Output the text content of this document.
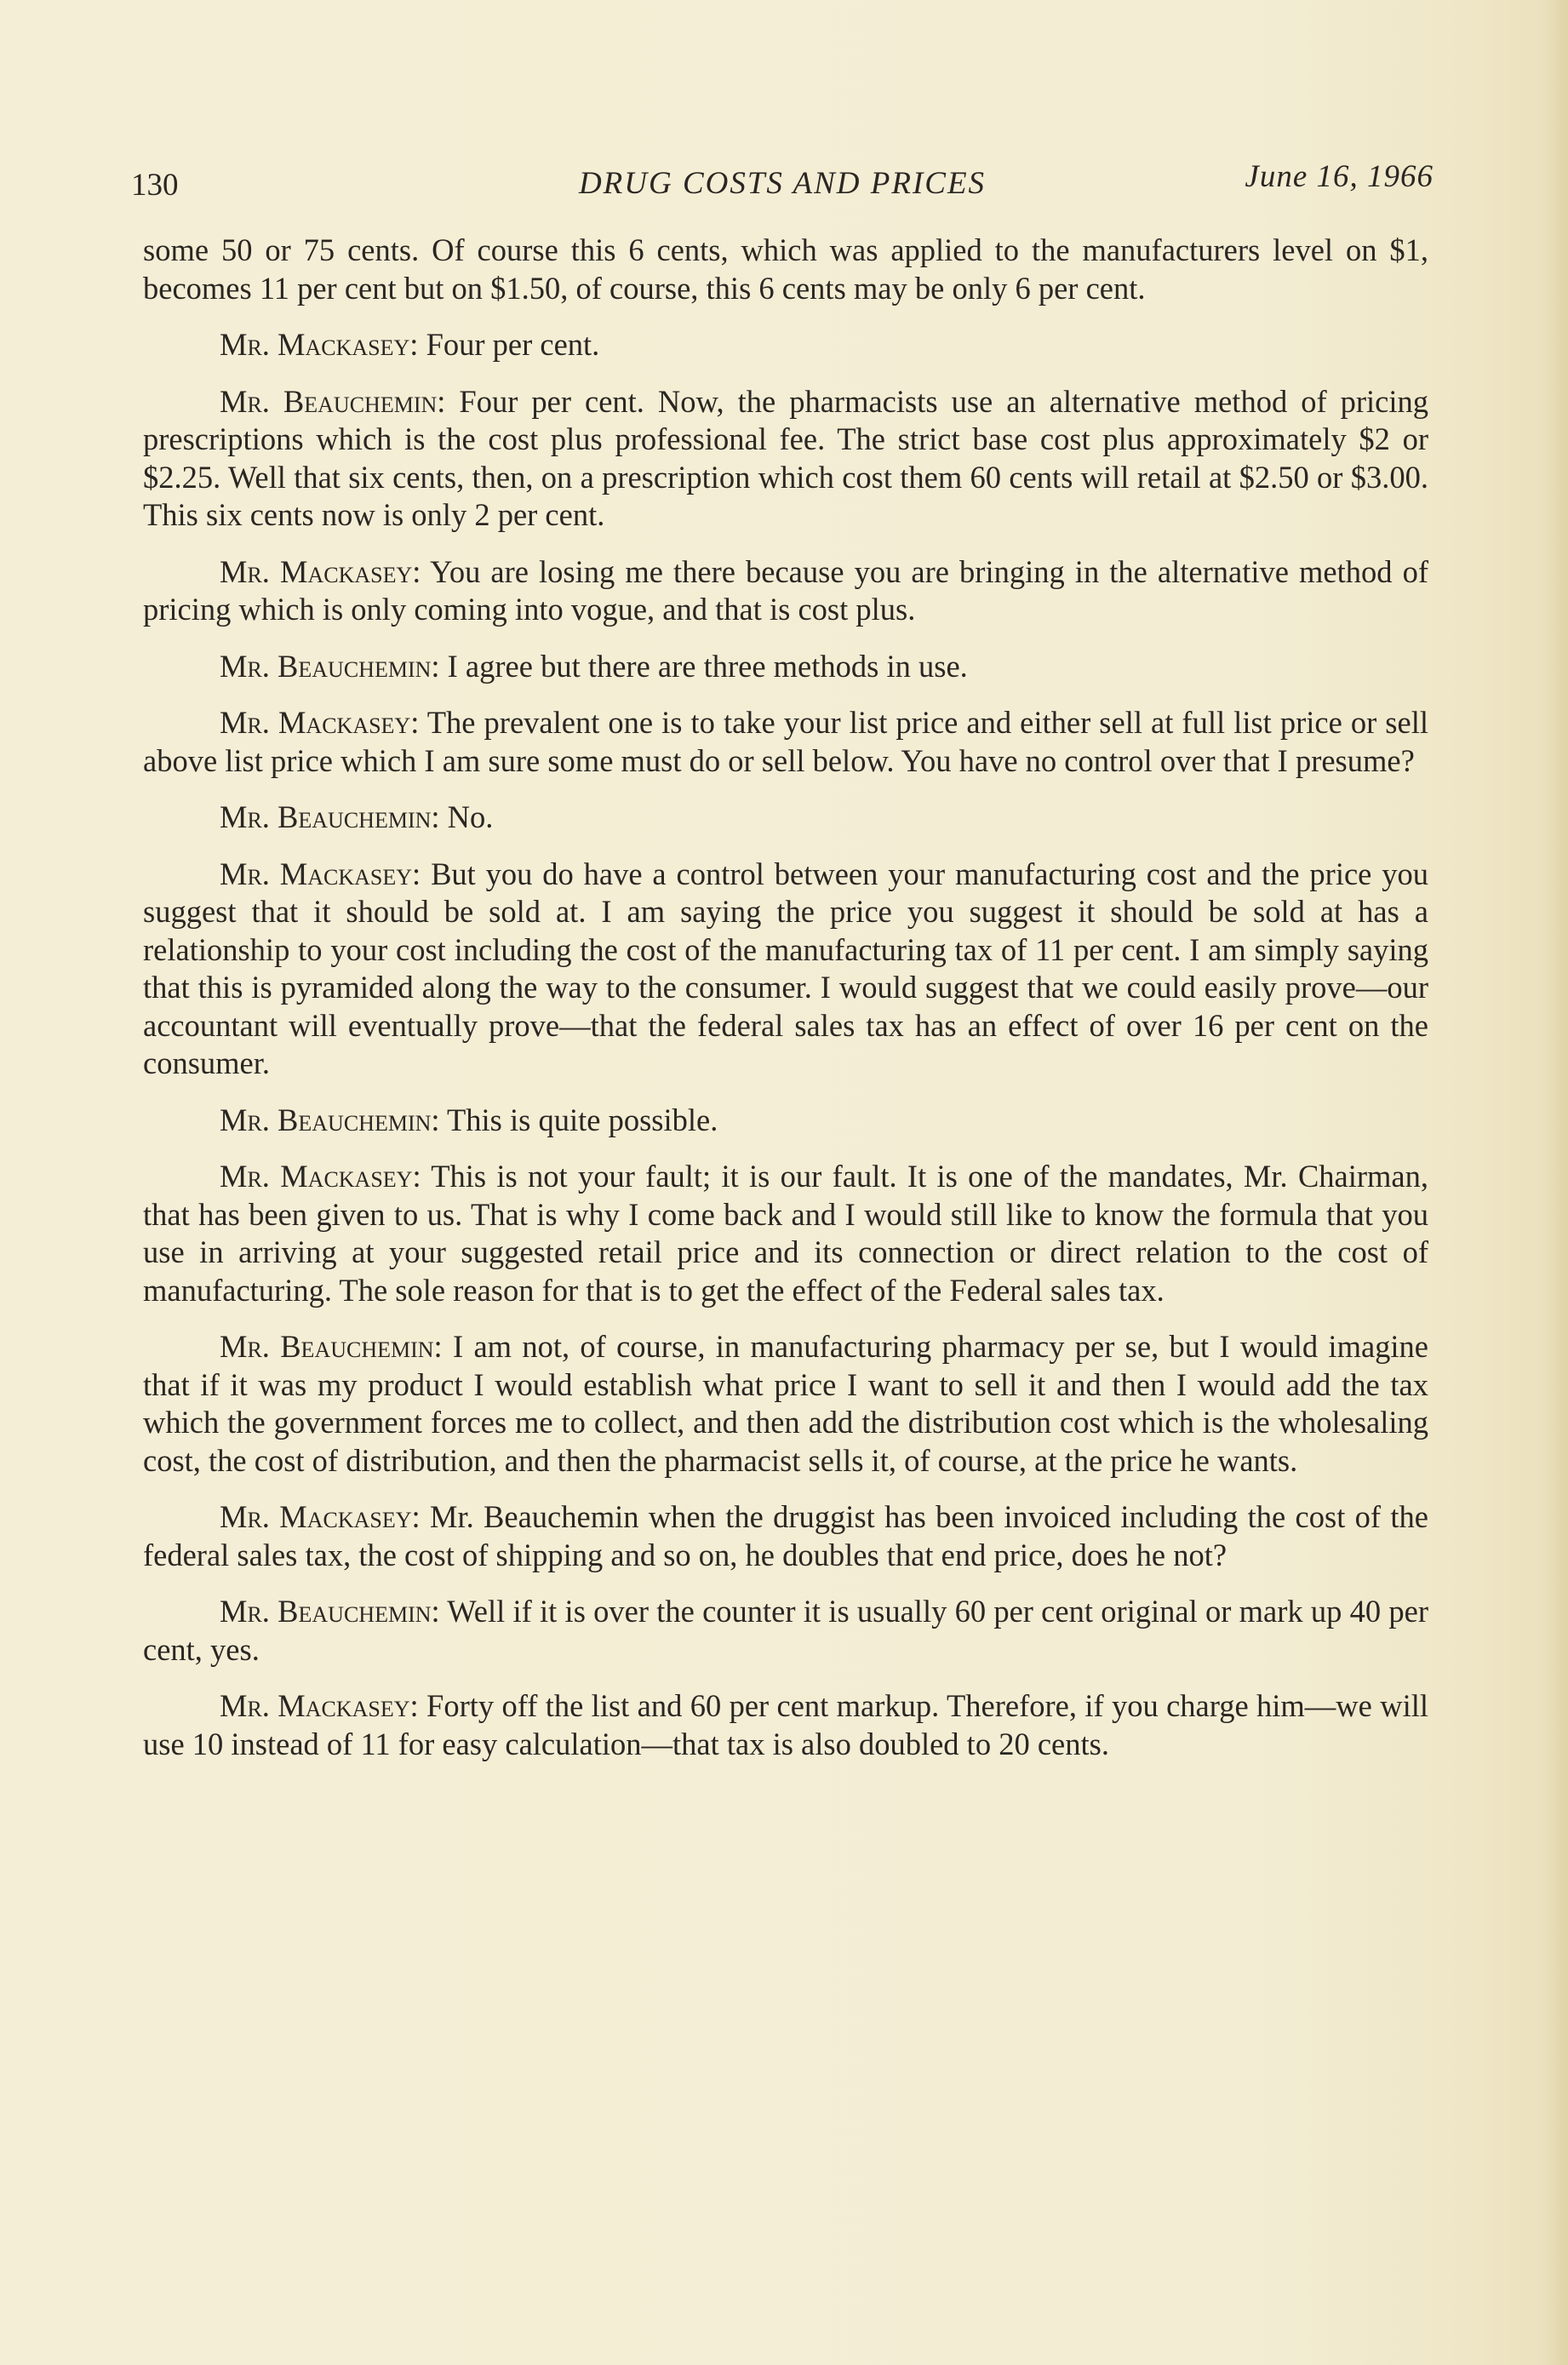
130	DRUG COSTS AND PRICES	June 16, 1966

some 50 or 75 cents. Of course this 6 cents, which was applied to the manufacturers level on $1, becomes 11 per cent but on $1.50, of course, this 6 cents may be only 6 per cent.

Mr. Mackasey: Four per cent.

Mr. Beauchemin: Four per cent. Now, the pharmacists use an alternative method of pricing prescriptions which is the cost plus professional fee. The strict base cost plus approximately $2 or $2.25. Well that six cents, then, on a prescription which cost them 60 cents will retail at $2.50 or $3.00. This six cents now is only 2 per cent.

Mr. Mackasey: You are losing me there because you are bringing in the alternative method of pricing which is only coming into vogue, and that is cost plus.

Mr. Beauchemin: I agree but there are three methods in use.

Mr. Mackasey: The prevalent one is to take your list price and either sell at full list price or sell above list price which I am sure some must do or sell below. You have no control over that I presume?

Mr. Beauchemin: No.

Mr. Mackasey: But you do have a control between your manufacturing cost and the price you suggest that it should be sold at. I am saying the price you suggest it should be sold at has a relationship to your cost including the cost of the manufacturing tax of 11 per cent. I am simply saying that this is pyramided along the way to the consumer. I would suggest that we could easily prove—our accountant will eventually prove—that the federal sales tax has an effect of over 16 per cent on the consumer.

Mr. Beauchemin: This is quite possible.

Mr. Mackasey: This is not your fault; it is our fault. It is one of the mandates, Mr. Chairman, that has been given to us. That is why I come back and I would still like to know the formula that you use in arriving at your suggested retail price and its connection or direct relation to the cost of manufacturing. The sole reason for that is to get the effect of the Federal sales tax.

Mr. Beauchemin: I am not, of course, in manufacturing pharmacy per se, but I would imagine that if it was my product I would establish what price I want to sell it and then I would add the tax which the government forces me to collect, and then add the distribution cost which is the wholesaling cost, the cost of distribution, and then the pharmacist sells it, of course, at the price he wants.

Mr. Mackasey: Mr. Beauchemin when the druggist has been invoiced including the cost of the federal sales tax, the cost of shipping and so on, he doubles that end price, does he not?

Mr. Beauchemin: Well if it is over the counter it is usually 60 per cent original or mark up 40 per cent, yes.

Mr. Mackasey: Forty off the list and 60 per cent markup. Therefore, if you charge him—we will use 10 instead of 11 for easy calculation—that tax is also doubled to 20 cents.
